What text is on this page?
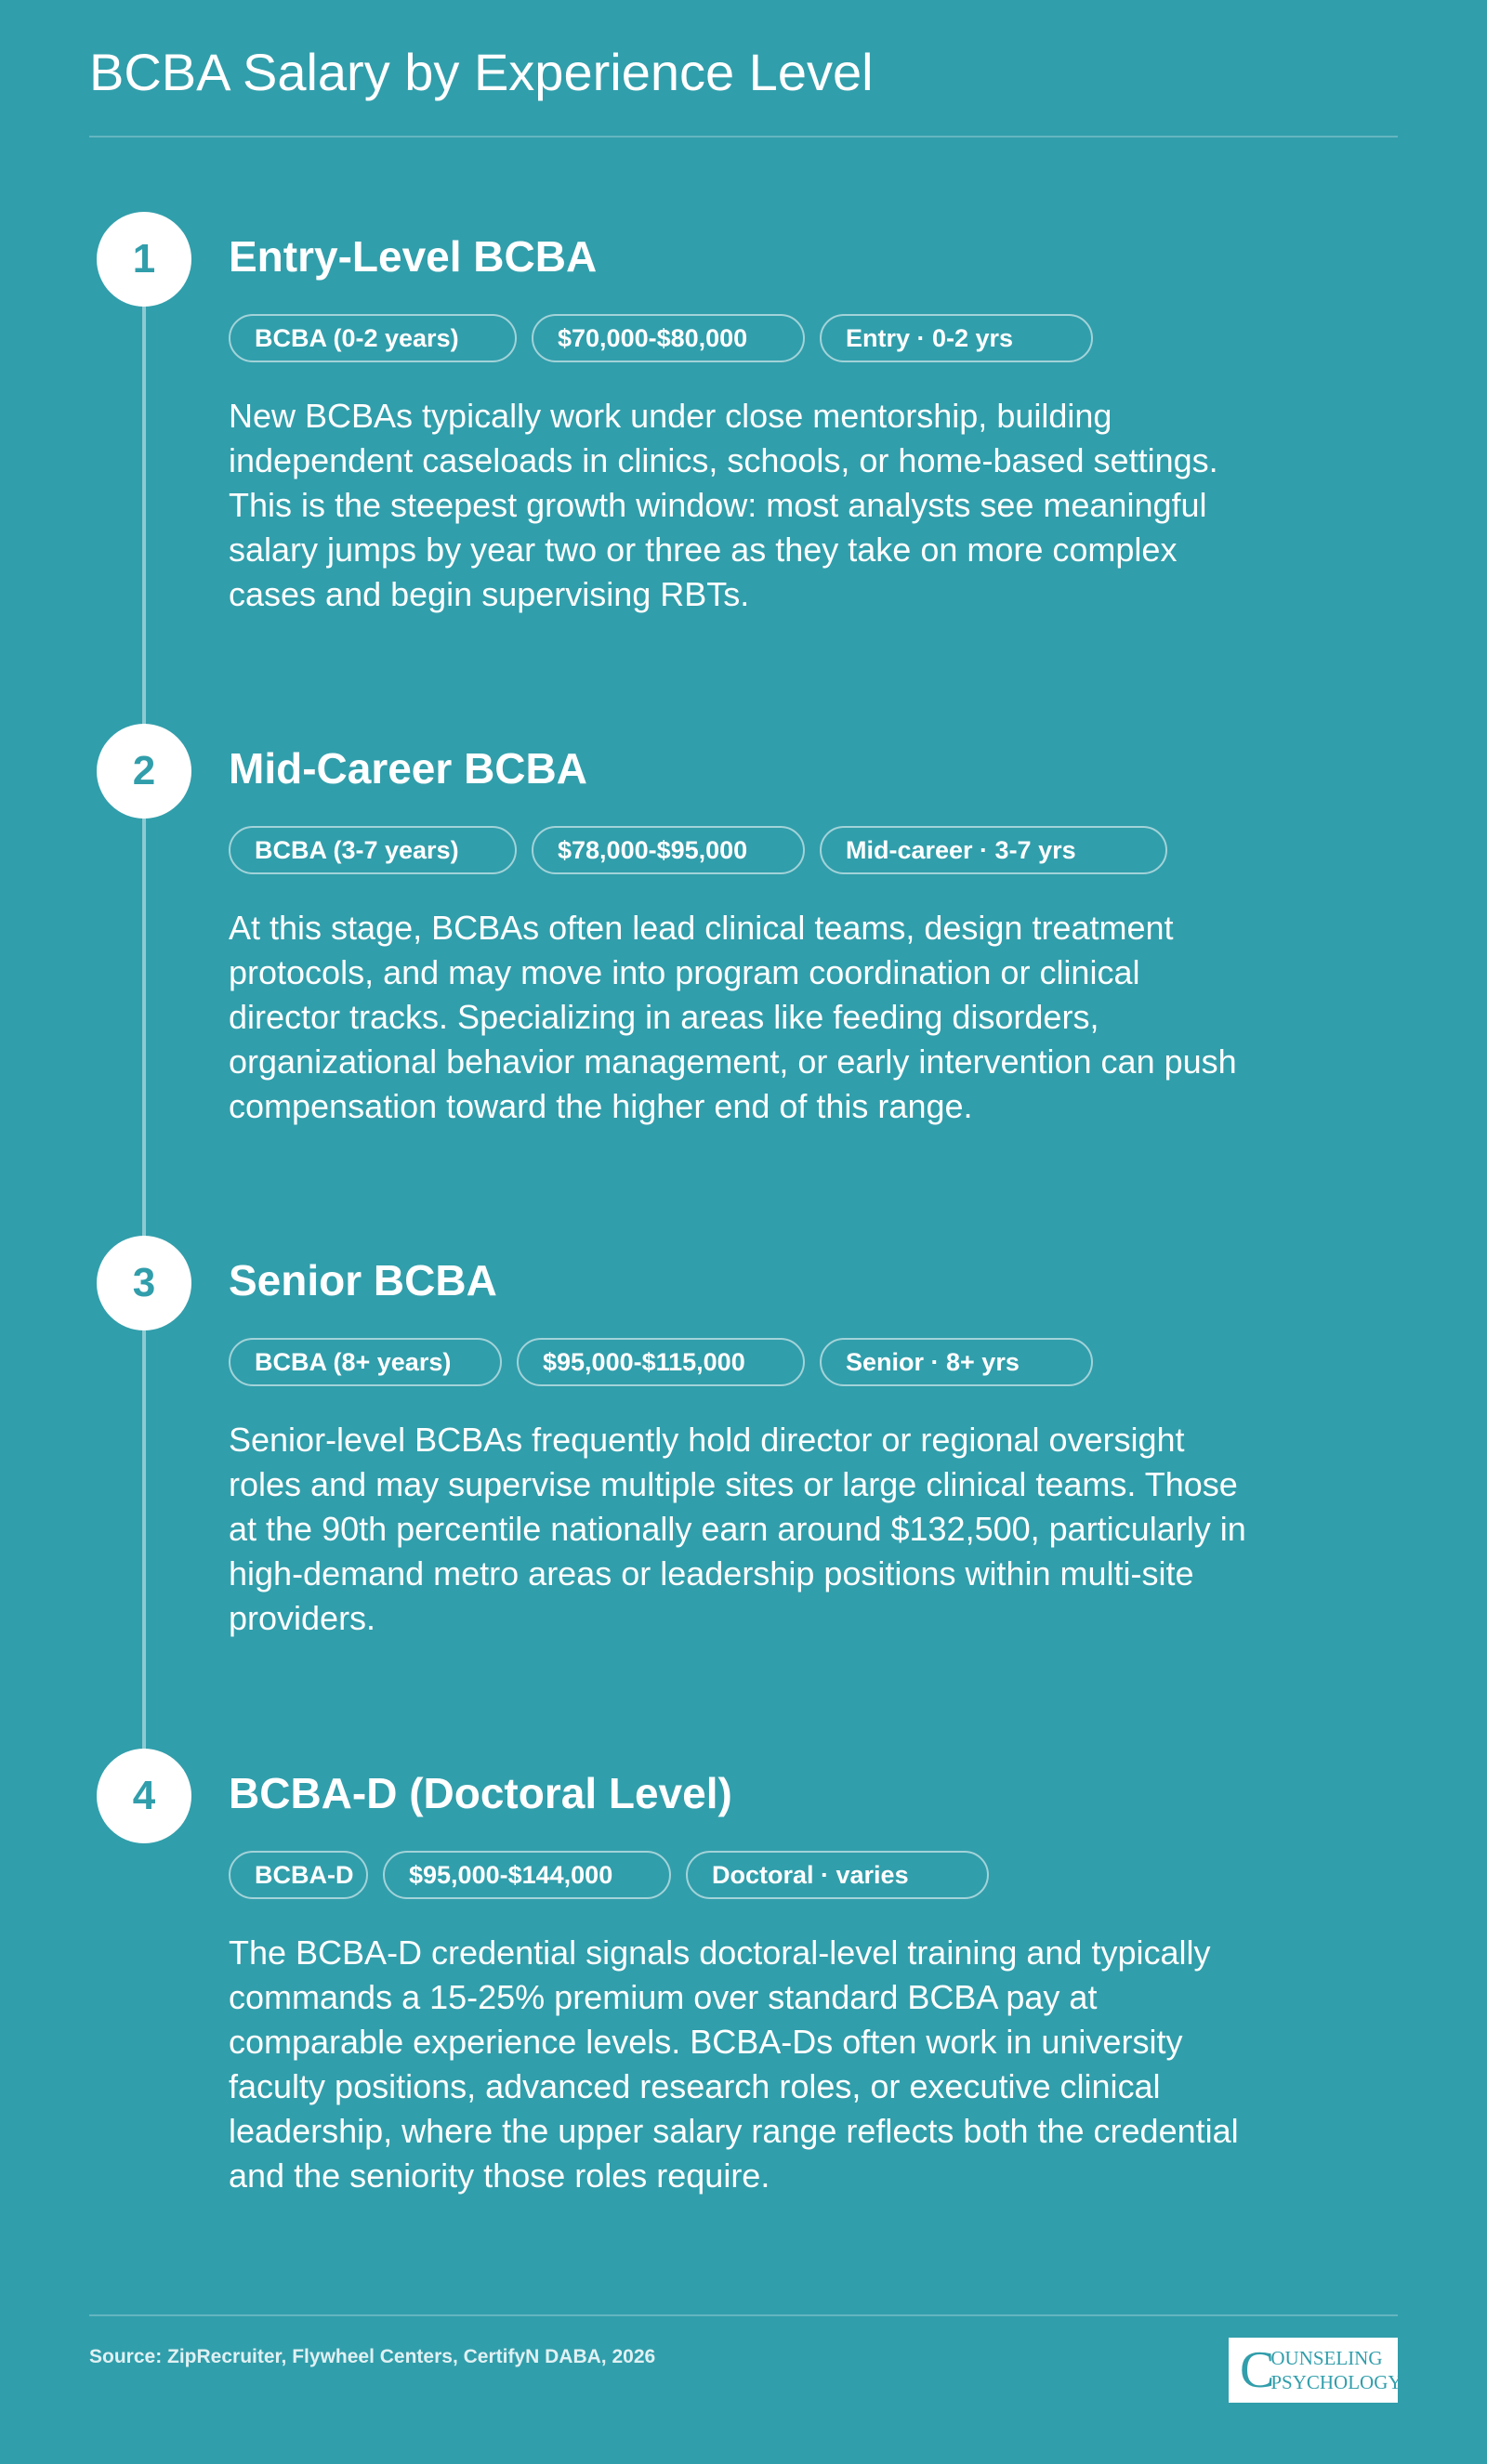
BCBA Salary by Experience Level
1	Entry-Level BCBA
BCBA (0-2 years)	$70,000-$80,000	Entry · 0-2 yrs

New BCBAs typically work under close mentorship, building independent caseloads in clinics, schools, or home-based settings. This is the steepest growth window: most analysts see meaningful salary jumps by year two or three as they take on more complex cases and begin supervising RBTs.

2	Mid-Career BCBA
BCBA (3-7 years)	$78,000-$95,000	Mid-career · 3-7 yrs

At this stage, BCBAs often lead clinical teams, design treatment protocols, and may move into program coordination or clinical director tracks. Specializing in areas like feeding disorders, organizational behavior management, or early intervention can push compensation toward the higher end of this range.

3	Senior BCBA
BCBA (8+ years)	$95,000-$115,000	Senior · 8+ yrs

Senior-level BCBAs frequently hold director or regional oversight roles and may supervise multiple sites or large clinical teams. Those at the 90th percentile nationally earn around $132,500, particularly in high-demand metro areas or leadership positions within multi-site providers.

4	BCBA-D (Doctoral Level)
BCBA-D	$95,000-$144,000	Doctoral · varies

The BCBA-D credential signals doctoral-level training and typically commands a 15-25% premium over standard BCBA pay at comparable experience levels. BCBA-Ds often work in university faculty positions, advanced research roles, or executive clinical leadership, where the upper salary range reflects both the credential and the seniority those roles require.

Source: ZipRecruiter, Flywheel Centers, CertifyN DABA, 2026	C
OUNSELING
PSYCHOLOGY
